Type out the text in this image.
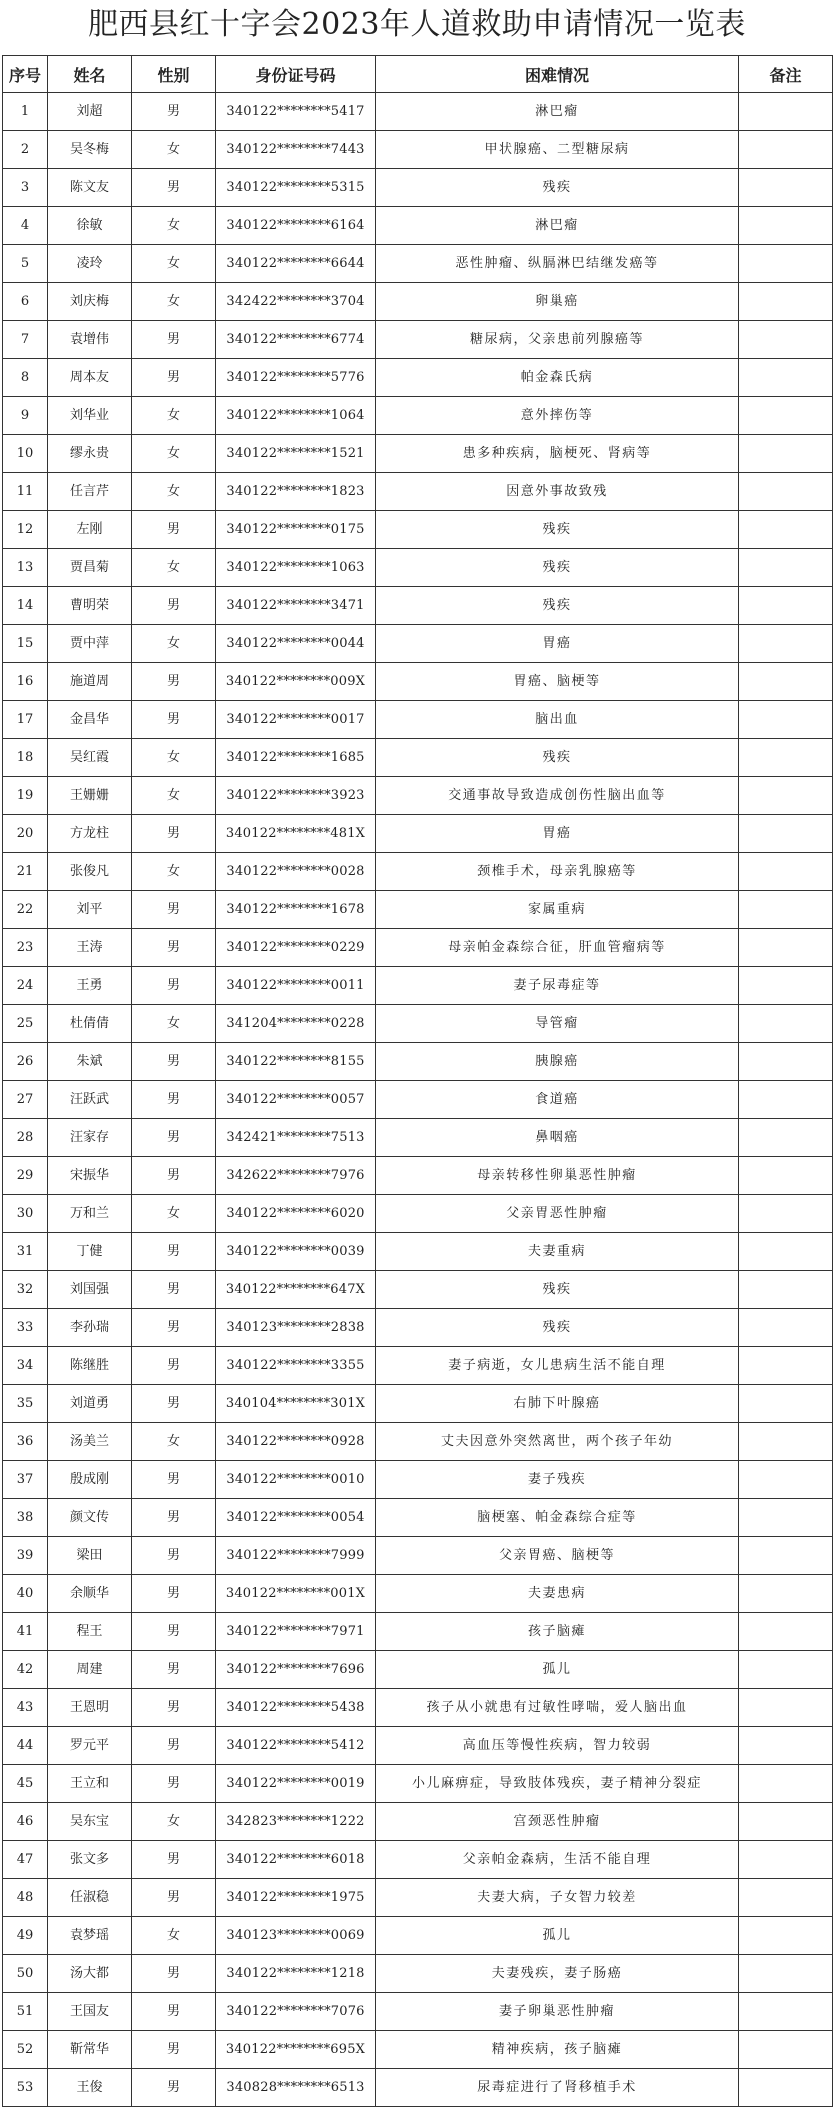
肥西县红十字会2023年人道救助申请情况一览表
序号	姓名	性别	身份证号码	困难情况	备注
1	刘超	男	340122********5417	淋巴瘤	
2	吴冬梅	女	340122********7443	甲状腺癌、二型糖尿病	
3	陈文友	男	340122********5315	残疾	
4	徐敏	女	340122********6164	淋巴瘤	
5	凌玲	女	340122********6644	恶性肿瘤、纵膈淋巴结继发癌等	
6	刘庆梅	女	342422********3704	卵巢癌	
7	袁增伟	男	340122********6774	糖尿病，父亲患前列腺癌等	
8	周本友	男	340122********5776	帕金森氏病	
9	刘华业	女	340122********1064	意外摔伤等	
10	缪永贵	女	340122********1521	患多种疾病，脑梗死、肾病等	
11	任言芹	女	340122********1823	因意外事故致残	
12	左刚	男	340122********0175	残疾	
13	贾昌菊	女	340122********1063	残疾	
14	曹明荣	男	340122********3471	残疾	
15	贾中萍	女	340122********0044	胃癌	
16	施道周	男	340122********009X	胃癌、脑梗等	
17	金昌华	男	340122********0017	脑出血	
18	吴红霞	女	340122********1685	残疾	
19	王姗姗	女	340122********3923	交通事故导致造成创伤性脑出血等	
20	方龙柱	男	340122********481X	胃癌	
21	张俊凡	女	340122********0028	颈椎手术，母亲乳腺癌等	
22	刘平	男	340122********1678	家属重病	
23	王涛	男	340122********0229	母亲帕金森综合征，肝血管瘤病等	
24	王勇	男	340122********0011	妻子尿毒症等	
25	杜倩倩	女	341204********0228	导管瘤	
26	朱斌	男	340122********8155	胰腺癌	
27	汪跃武	男	340122********0057	食道癌	
28	汪家存	男	342421********7513	鼻咽癌	
29	宋振华	男	342622********7976	母亲转移性卵巢恶性肿瘤	
30	万和兰	女	340122********6020	父亲胃恶性肿瘤	
31	丁健	男	340122********0039	夫妻重病	
32	刘国强	男	340122********647X	残疾	
33	李孙瑞	男	340123********2838	残疾	
34	陈继胜	男	340122********3355	妻子病逝，女儿患病生活不能自理	
35	刘道勇	男	340104********301X	右肺下叶腺癌	
36	汤美兰	女	340122********0928	丈夫因意外突然离世，两个孩子年幼	
37	殷成刚	男	340122********0010	妻子残疾	
38	颜文传	男	340122********0054	脑梗塞、帕金森综合症等	
39	梁田	男	340122********7999	父亲胃癌、脑梗等	
40	余顺华	男	340122********001X	夫妻患病	
41	程王	男	340122********7971	孩子脑瘫	
42	周建	男	340122********7696	孤儿	
43	王恩明	男	340122********5438	孩子从小就患有过敏性哮喘，爱人脑出血	
44	罗元平	男	340122********5412	高血压等慢性疾病，智力较弱	
45	王立和	男	340122********0019	小儿麻痹症，导致肢体残疾，妻子精神分裂症	
46	吴东宝	女	342823********1222	宫颈恶性肿瘤	
47	张文多	男	340122********6018	父亲帕金森病，生活不能自理	
48	任淑稳	男	340122********1975	夫妻大病，子女智力较差	
49	袁梦瑶	女	340123********0069	孤儿	
50	汤大都	男	340122********1218	夫妻残疾，妻子肠癌	
51	王国友	男	340122********7076	妻子卵巢恶性肿瘤	
52	靳常华	男	340122********695X	精神疾病，孩子脑瘫	
53	王俊	男	340828********6513	尿毒症进行了肾移植手术	
